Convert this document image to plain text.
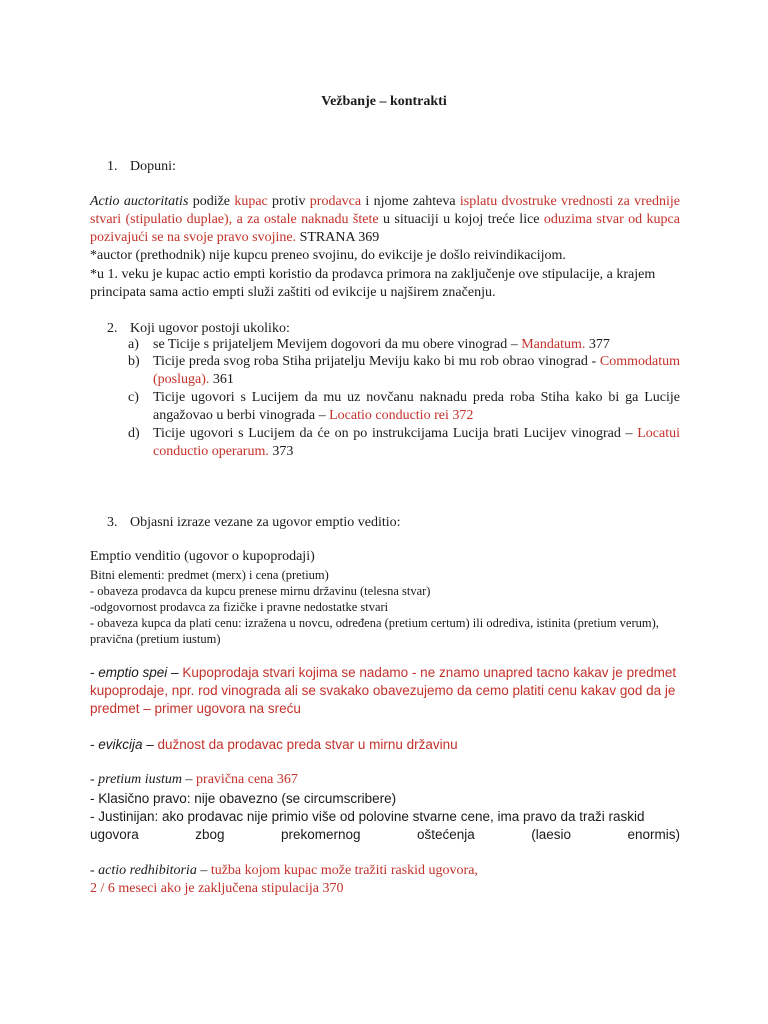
Vežbanje – kontrakti
1. Dopuni:
Actio auctoritatis podiže kupac protiv prodavca i njome zahteva isplatu dvostruke vrednosti za vrednije stvari (stipulatio duplae), a za ostale naknadu štete u situaciji u kojoj treće lice oduzima stvar od kupca pozivajući se na svoje pravo svojine. STRANA 369
*auctor (prethodnik) nije kupcu preneo svojinu, do evikcije je došlo reivindikacijom.
*u 1. veku je kupac actio empti koristio da prodavca primora na zaključenje ove stipulacije, a krajem principata sama actio empti služi zaštiti od evikcije u najširem značenju.
2. Koji ugovor postoji ukoliko:
a) se Ticije s prijateljem Mevijem dogovori da mu obere vinograd – Mandatum. 377
b) Ticije preda svog roba Stiha prijatelju Meviju kako bi mu rob obrao vinograd - Commodatum (posluga). 361
c) Ticije ugovori s Lucijem da mu uz novčanu naknadu preda roba Stiha kako bi ga Lucije angažovao u berbi vinograda – Locatio conductio rei 372
d) Ticije ugovori s Lucijem da će on po instrukcijama Lucija brati Lucijev vinograd – Locatui conductio operarum. 373
3. Objasni izraze vezane za ugovor emptio veditio:
Emptio venditio (ugovor o kupoprodaji)
Bitni elementi: predmet (merx) i cena (pretium)
- obaveza prodavca da kupcu prenese mirnu državinu (telesna stvar)
-odgovornost prodavca za fizičke i pravne nedostatke stvari
- obaveza kupca da plati cenu: izražena u novcu, određena (pretium certum) ili odrediva, istinita (pretium verum), pravična (pretium iustum)
- emptio spei – Kupoprodaja stvari kojima se nadamo - ne znamo unapred tacno kakav je predmet kupoprodaje, npr. rod vinograda ali se svakako obavezujemo da cemo platiti cenu kakav god da je predmet – primer ugovora na sreću
- evikcija – dužnost da prodavac preda stvar u mirnu državinu
- pretium iustum – pravična cena 367
- Klasično pravo: nije obavezno (se circumscribere)
- Justinijan: ako prodavac nije primio više od polovine stvarne cene, ima pravo da traži raskid
ugovora	zbog	prekomernog	oštećenja	(laesio	enormis)
- actio redhibitoria – tužba kojom kupac može tražiti raskid ugovora,
2 / 6 meseci ako je zaključena stipulacija 370
